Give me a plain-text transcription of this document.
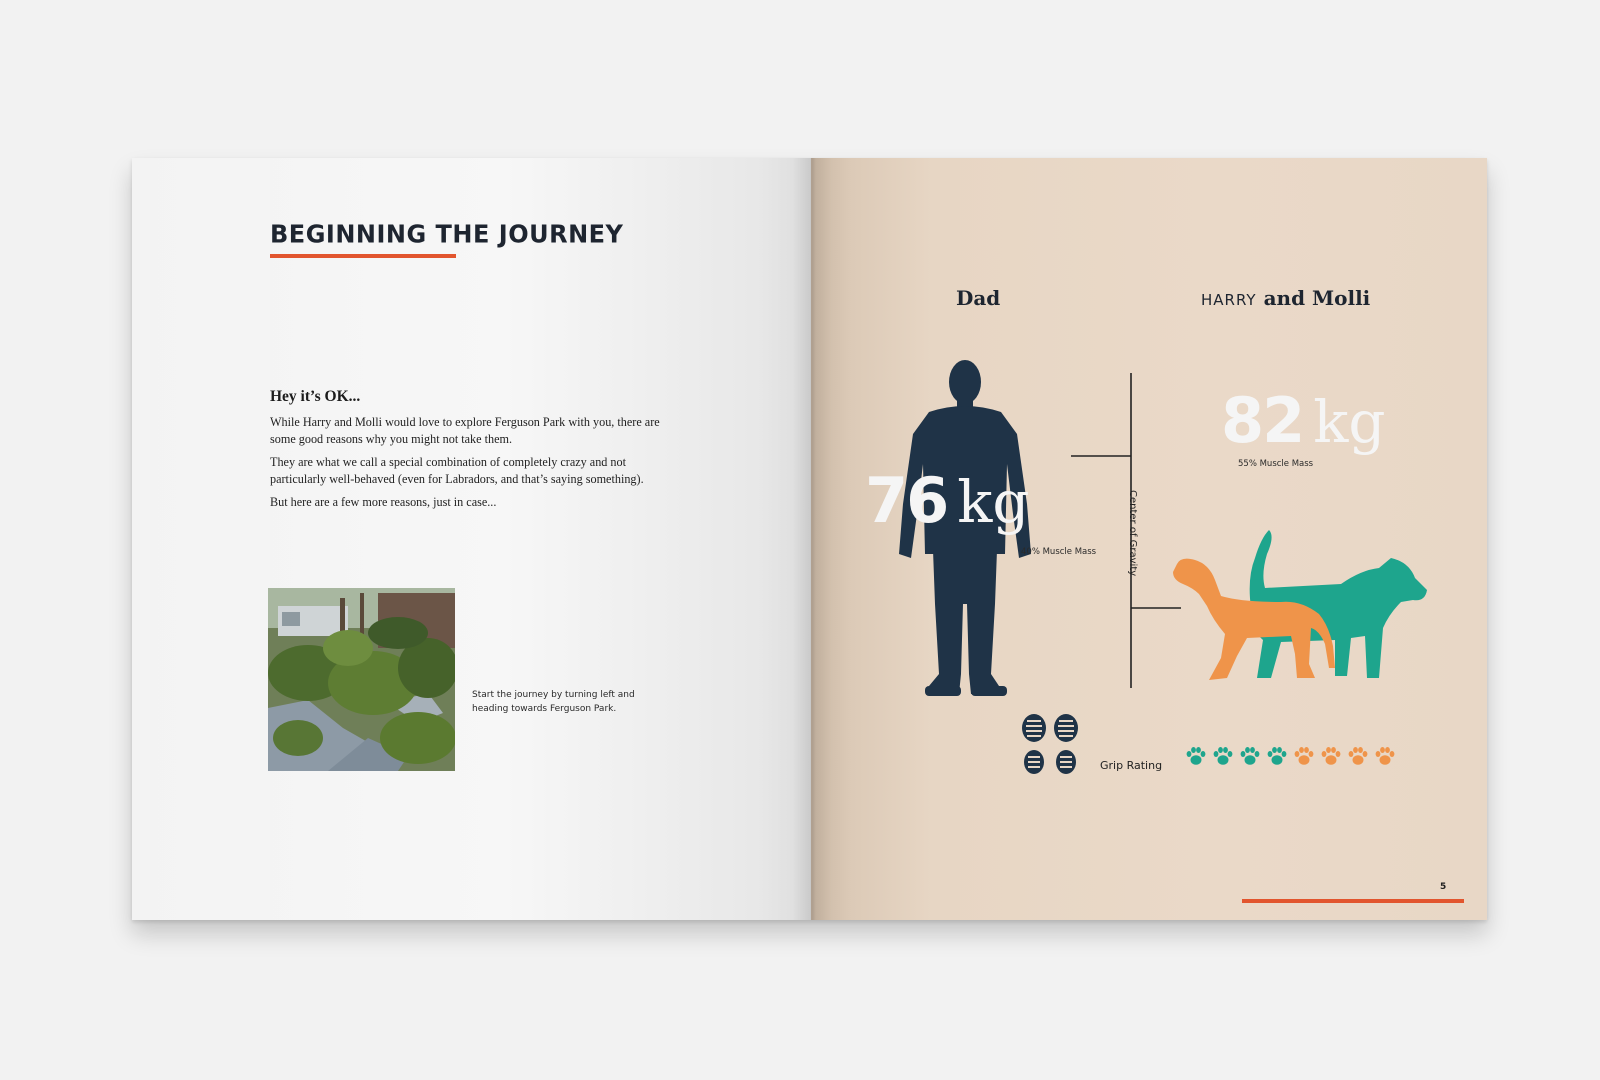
BEGINNING THE JOURNEY
Hey it’s OK...

While Harry and Molli would love to explore Ferguson Park with you, there are some good reasons why you might not take them.

They are what we call a special combination of completely crazy and not particularly well-behaved (even for Labradors, and that’s saying something).

But here are a few more reasons, just in case...

Start the journey by turning left and heading towards Ferguson Park.
Dad	HARRY and Molli
76 kg
40% Muscle Mass
82 kg
55% Muscle Mass
Center of Gravity
Grip Rating
5
